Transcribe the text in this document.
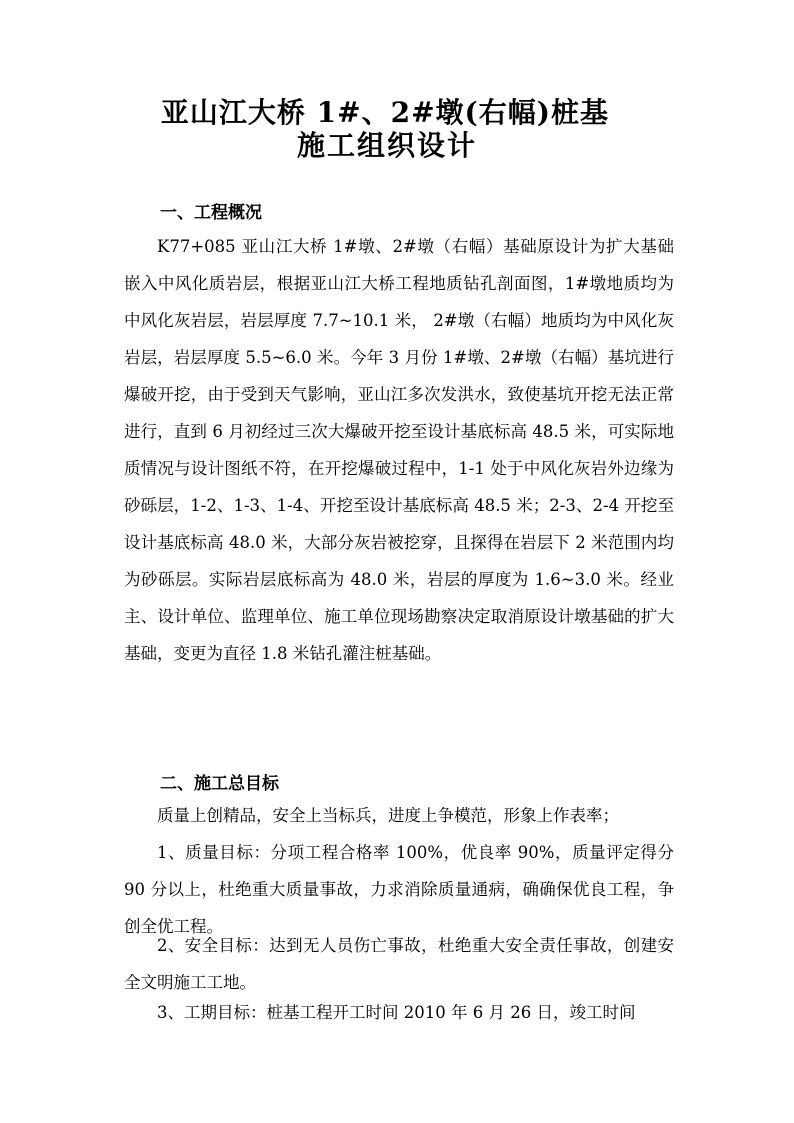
亚山江大桥 1#、2#墩(右幅)桩基
施工组织设计
一、工程概况

K77+085 亚山江大桥 1#墩、2#墩（右幅）基础原设计为扩大基础嵌入中风化质岩层，根据亚山江大桥工程地质钻孔剖面图，1#墩地质均为中风化灰岩层，岩层厚度 7.7~10.1 米， 2#墩（右幅）地质均为中风化灰岩层，岩层厚度 5.5~6.0 米。今年 3 月份 1#墩、2#墩（右幅）基坑进行爆破开挖，由于受到天气影响，亚山江多次发洪水，致使基坑开挖无法正常进行，直到 6 月初经过三次大爆破开挖至设计基底标高 48.5 米，可实际地质情况与设计图纸不符，在开挖爆破过程中，1-1 处于中风化灰岩外边缘为砂砾层，1-2、1-3、1-4、开挖至设计基底标高 48.5 米；2-3、2-4 开挖至设计基底标高 48.0 米，大部分灰岩被挖穿，且探得在岩层下 2 米范围内均为砂砾层。实际岩层底标高为 48.0 米，岩层的厚度为 1.6~3.0 米。经业主、设计单位、监理单位、施工单位现场勘察决定取消原设计墩基础的扩大基础，变更为直径 1.8 米钻孔灌注桩基础。

二、施工总目标

质量上创精品，安全上当标兵，进度上争模范，形象上作表率；

1、质量目标：分项工程合格率 100%，优良率 90%，质量评定得分 90 分以上，杜绝重大质量事故，力求消除质量通病，确确保优良工程，争创全优工程。

2、安全目标：达到无人员伤亡事故，杜绝重大安全责任事故，创建安全文明施工工地。

3、工期目标：桩基工程开工时间 2010 年 6 月 26 日，竣工时间
